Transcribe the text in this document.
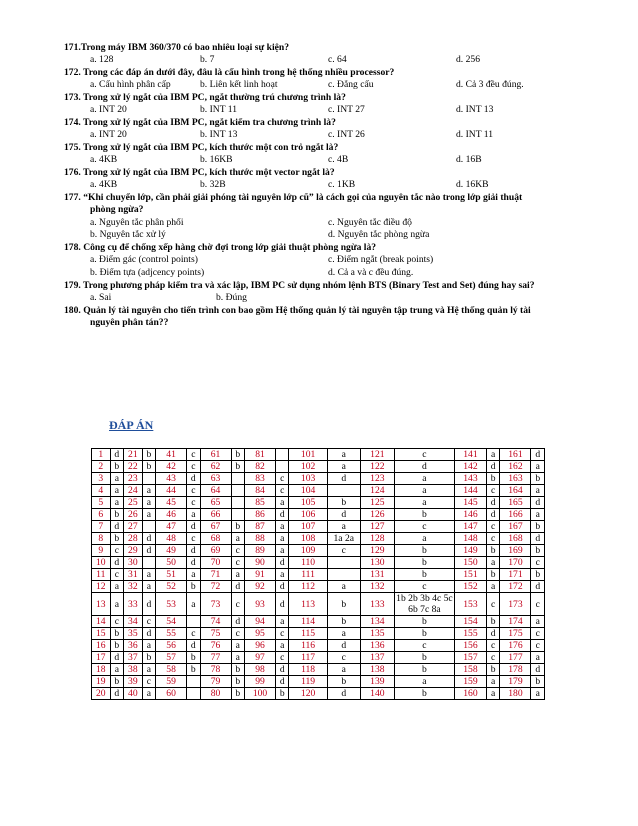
171.Trong máy IBM 360/370 có bao nhiêu loại sự kiện?
a. 128	b. 7	c. 64	d. 256
172. Trong các đáp án dưới đây, đâu là cấu hình trong hệ thống nhiều processor?
a. Cấu hình phân cấp	b. Liên kết linh hoạt	c. Đẳng cấu	d. Cả 3 đều đúng.
173. Trong xử lý ngắt của IBM PC, ngắt thường trú chương trình là?
a. INT 20	b. INT 11	c. INT 27	d. INT 13
174. Trong xử lý ngắt của IBM PC, ngắt kiểm tra chương trình là?
a. INT 20	b. INT 13	c. INT 26	d. INT 11
175. Trong xử lý ngắt của IBM PC, kích thước một con trỏ ngắt là?
a. 4KB	b. 16KB	c. 4B	d. 16B
176. Trong xử lý ngắt của IBM PC, kích thước một vector ngắt là?
a. 4KB	b. 32B	c. 1KB	d. 16KB
177. “Khi chuyển lớp, cần phải giải phóng tài nguyên lớp cũ” là cách gọi của nguyên tắc nào trong lớp giải thuật
phòng ngừa?
a. Nguyên tắc phân phối	c. Nguyên tắc điều độ
b. Nguyên tắc xử lý	d. Nguyên tắc phòng ngừa
178. Công cụ để chống xếp hàng chờ đợi trong lớp giải thuật phòng ngừa là?
a. Điểm gác (control points)	c. Điểm ngắt (break points)
b. Điểm tựa (adjcency points)	d. Cả a và c đều đúng.
179. Trong phương pháp kiểm tra và xác lập, IBM PC sử dụng nhóm lệnh BTS (Binary Test and Set) đúng hay sai?
a. Sai	b. Đúng
180. Quản lý tài nguyên cho tiến trình con bao gồm Hệ thống quản lý tài nguyên tập trung và Hệ thống quản lý tài
nguyên phân tán??
ĐÁP ÁN
1	d	21	b	41	c	61	b	81		101	a	121	c	141	a	161	d
2	b	22	b	42	c	62	b	82		102	a	122	d	142	d	162	a
3	a	23		43	d	63		83	c	103	d	123	a	143	b	163	b
4	a	24	a	44	c	64		84	c	104		124	a	144	c	164	a
5	a	25	a	45	c	65		85	a	105	b	125	a	145	d	165	d
6	b	26	a	46	a	66		86	d	106	d	126	b	146	d	166	a
7	d	27		47	d	67	b	87	a	107	a	127	c	147	c	167	b
8	b	28	d	48	c	68	a	88	a	108	1a 2a	128	a	148	c	168	d
9	c	29	d	49	d	69	c	89	a	109	c	129	b	149	b	169	b
10	d	30		50	d	70	c	90	d	110		130	b	150	a	170	c
11	c	31	a	51	a	71	a	91	a	111		131	b	151	b	171	b
12	a	32	a	52	b	72	d	92	d	112	a	132	c	152	a	172	d
13	a	33	d	53	a	73	c	93	d	113	b	133	1b 2b 3b 4c 5c 6b 7c 8a	153	c	173	c
14	c	34	c	54		74	d	94	a	114	b	134	b	154	b	174	a
15	b	35	d	55	c	75	c	95	c	115	a	135	b	155	d	175	c
16	b	36	a	56	d	76	a	96	a	116	d	136	c	156	c	176	c
17	d	37	b	57	b	77	a	97	c	117	c	137	b	157	c	177	a
18	a	38	a	58	b	78	b	98	d	118	a	138	b	158	b	178	d
19	b	39	c	59		79	b	99	d	119	b	139	a	159	a	179	b
20	d	40	a	60		80	b	100	b	120	d	140	b	160	a	180	a
